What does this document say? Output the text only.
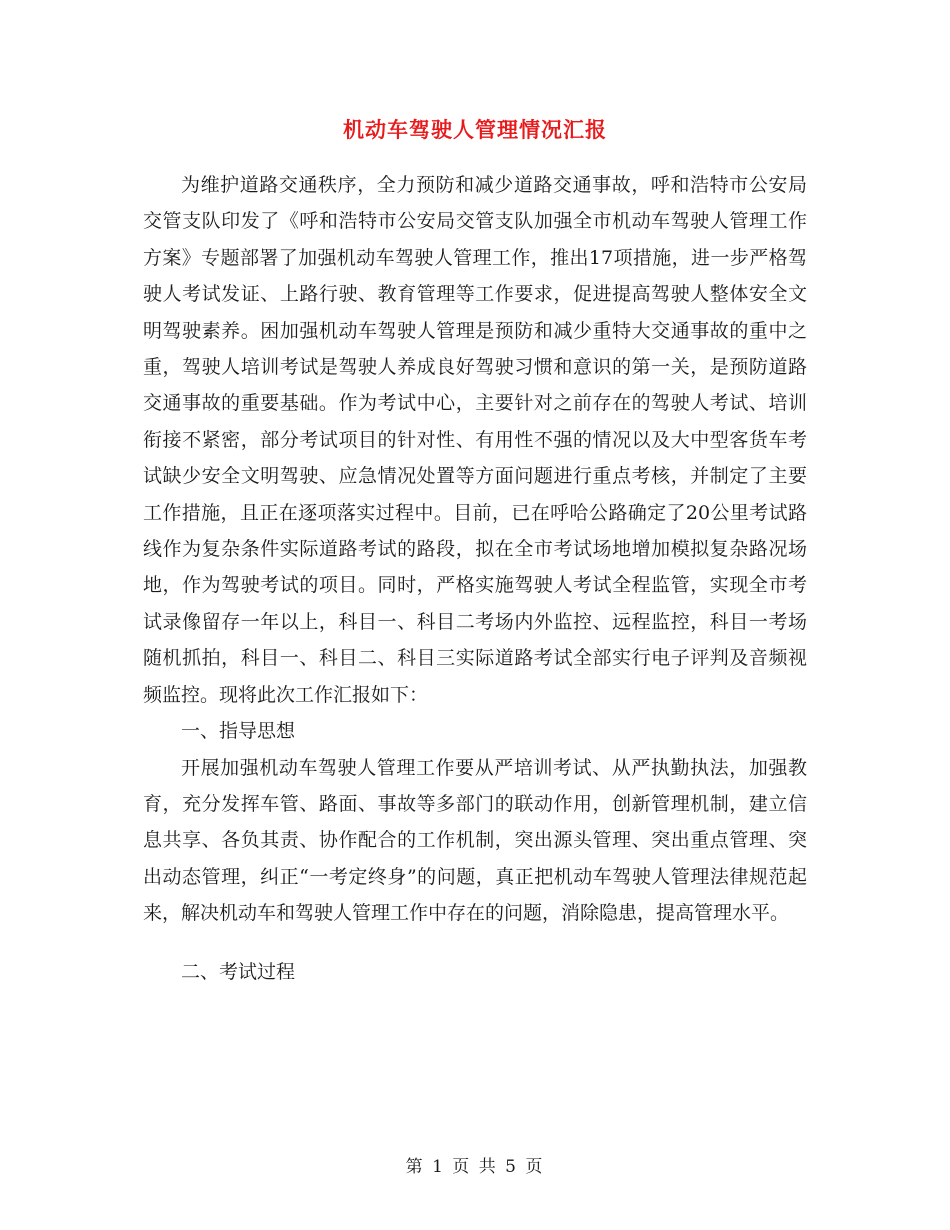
机动车驾驶人管理情况汇报

为维护道路交通秩序，全力预防和减少道路交通事故，呼和浩特市公安局交管支队印发了《呼和浩特市公安局交管支队加强全市机动车驾驶人管理工作方案》专题部署了加强机动车驾驶人管理工作，推出17项措施，进一步严格驾驶人考试发证、上路行驶、教育管理等工作要求，促进提高驾驶人整体安全文明驾驶素养。困加强机动车驾驶人管理是预防和减少重特大交通事故的重中之重，驾驶人培训考试是驾驶人养成良好驾驶习惯和意识的第一关，是预防道路交通事故的重要基础。作为考试中心，主要针对之前存在的驾驶人考试、培训衔接不紧密，部分考试项目的针对性、有用性不强的情况以及大中型客货车考试缺少安全文明驾驶、应急情况处置等方面问题进行重点考核，并制定了主要工作措施，且正在逐项落实过程中。目前，已在呼哈公路确定了20公里考试路线作为复杂条件实际道路考试的路段，拟在全市考试场地增加模拟复杂路况场地，作为驾驶考试的项目。同时，严格实施驾驶人考试全程监管，实现全市考试录像留存一年以上，科目一、科目二考场内外监控、远程监控，科目一考场随机抓拍，科目一、科目二、科目三实际道路考试全部实行电子评判及音频视频监控。现将此次工作汇报如下：

一、指导思想

开展加强机动车驾驶人管理工作要从严培训考试、从严执勤执法，加强教育，充分发挥车管、路面、事故等多部门的联动作用，创新管理机制，建立信息共享、各负其责、协作配合的工作机制，突出源头管理、突出重点管理、突出动态管理，纠正“一考定终身”的问题，真正把机动车驾驶人管理法律规范起来，解决机动车和驾驶人管理工作中存在的问题，消除隐患，提高管理水平。

二、考试过程

第 1 页 共 5 页
